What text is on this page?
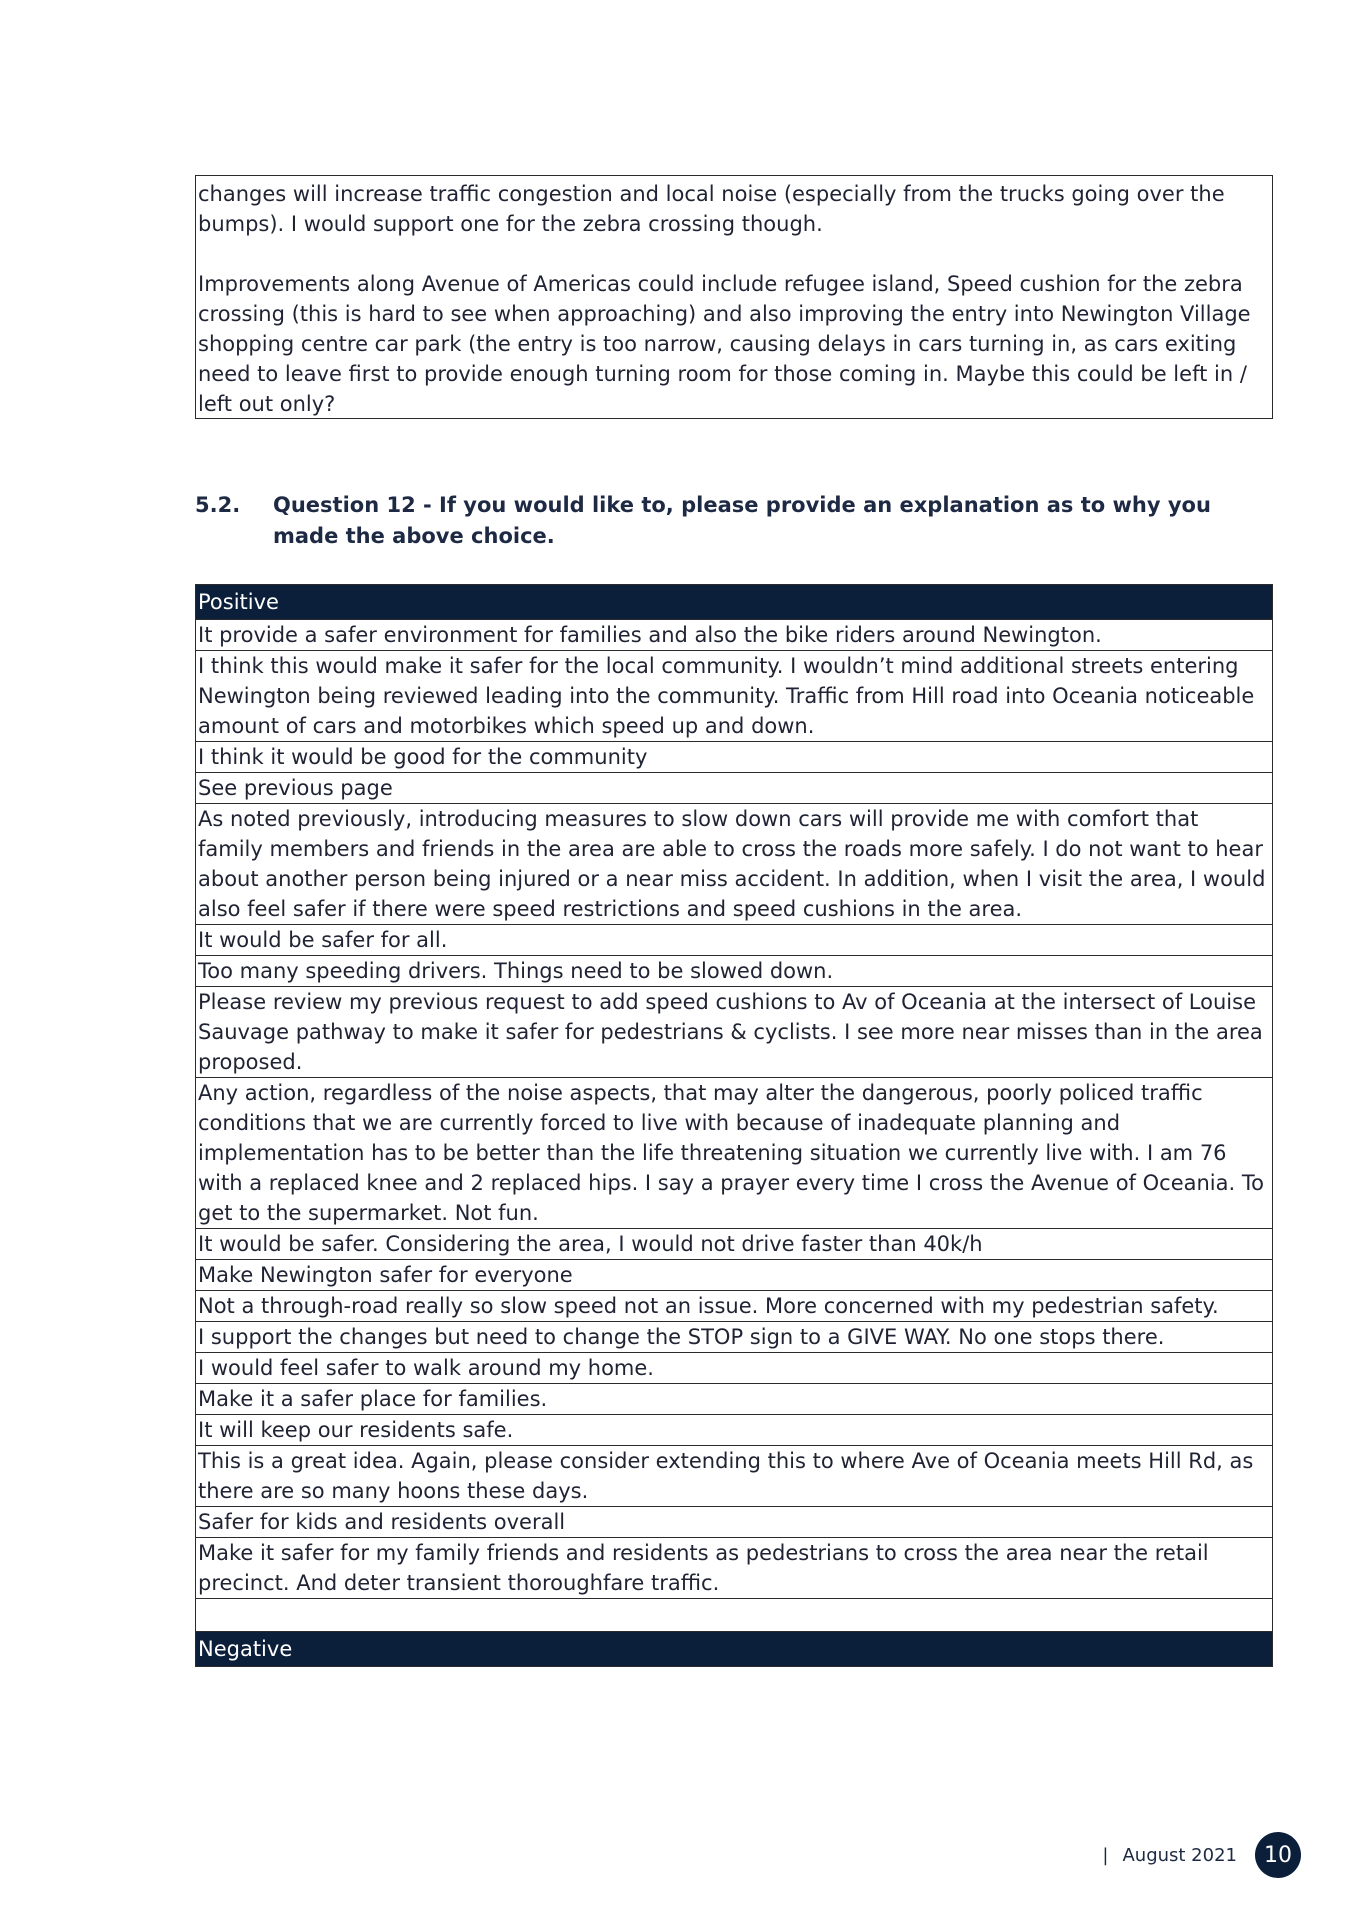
changes will increase traffic congestion and local noise (especially from the trucks going over the bumps). I would support one for the zebra crossing though.

Improvements along Avenue of Americas could include refugee island, Speed cushion for the zebra crossing (this is hard to see when approaching) and also improving the entry into Newington Village shopping centre car park (the entry is too narrow, causing delays in cars turning in, as cars exiting need to leave first to provide enough turning room for those coming in. Maybe this could be left in / left out only?

5.2. Question 12 - If you would like to, please provide an explanation as to why you made the above choice.
Positive
It provide a safer environment for families and also the bike riders around Newington.
I think this would make it safer for the local community. I wouldn’t mind additional streets entering Newington being reviewed leading into the community. Traffic from Hill road into Oceania noticeable amount of cars and motorbikes which speed up and down.
I think it would be good for the community
See previous page
As noted previously, introducing measures to slow down cars will provide me with comfort that family members and friends in the area are able to cross the roads more safely. I do not want to hear about another person being injured or a near miss accident. In addition, when I visit the area, I would also feel safer if there were speed restrictions and speed cushions in the area.
It would be safer for all.
Too many speeding drivers. Things need to be slowed down.
Please review my previous request to add speed cushions to Av of Oceania at the intersect of Louise Sauvage pathway to make it safer for pedestrians & cyclists. I see more near misses than in the area proposed.
Any action, regardless of the noise aspects, that may alter the dangerous, poorly policed traffic conditions that we are currently forced to live with because of inadequate planning and implementation has to be better than the life threatening situation we currently live with. I am 76 with a replaced knee and 2 replaced hips. I say a prayer every time I cross the Avenue of Oceania. To get to the supermarket. Not fun.
It would be safer. Considering the area, I would not drive faster than 40k/h
Make Newington safer for everyone
Not a through-road really so slow speed not an issue. More concerned with my pedestrian safety.
I support the changes but need to change the STOP sign to a GIVE WAY. No one stops there.
I would feel safer to walk around my home.
Make it a safer place for families.
It will keep our residents safe.
This is a great idea. Again, please consider extending this to where Ave of Oceania meets Hill Rd, as there are so many hoons these days.
Safer for kids and residents overall
Make it safer for my family friends and residents as pedestrians to cross the area near the retail precinct. And deter transient thoroughfare traffic.

Negative
| August 2021	10
